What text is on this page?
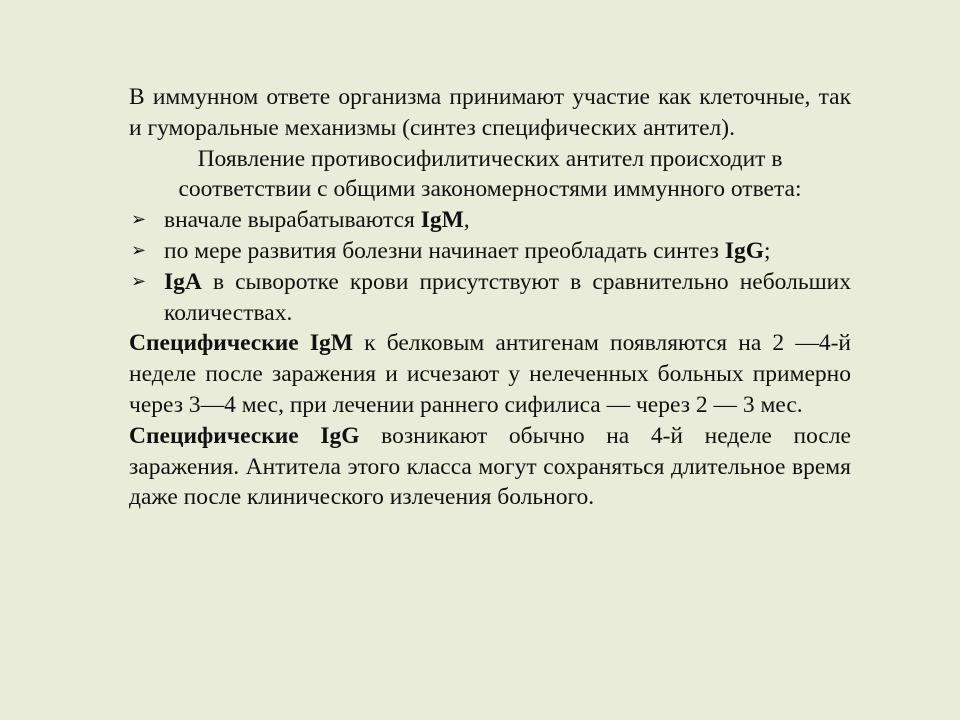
В иммунном ответе организма принимают участие как клеточные, так и гуморальные механизмы (синтез специфических антител).

Появление противосифилитических антител происходит в соответствии с общими закономерностями иммунного ответа:

➢ вначале вырабатываются IgM,
➢ по мере развития болезни начинает преобладать синтез IgG;
➢ IgA в сыворотке крови присутствуют в сравнительно небольших количествах.

Специфические IgM к белковым антигенам появляются на 2 —4-й неделе после заражения и исчезают у нелеченных больных примерно через 3—4 мес, при лечении раннего сифилиса — через 2 — 3 мес.

Специфические IgG возникают обычно на 4-й неделе после заражения. Антитела этого класса могут сохраняться длительное время даже после клинического излечения больного.
